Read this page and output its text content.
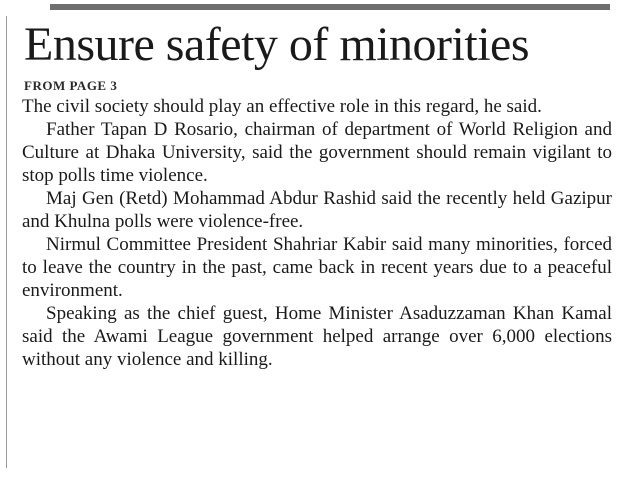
Ensure safety of minorities
FROM PAGE 3

The civil society should play an effective role in this regard, he said.

Father Tapan D Rosario, chairman of department of World Religion and Culture at Dhaka University, said the government should remain vigilant to stop polls time violence.

Maj Gen (Retd) Mohammad Abdur Rashid said the recently held Gazipur and Khulna polls were violence-free.

Nirmul Committee President Shahriar Kabir said many minorities, forced to leave the country in the past, came back in recent years due to a peaceful environment.

Speaking as the chief guest, Home Minister Asaduzzaman Khan Kamal said the Awami League government helped arrange over 6,000 elections without any violence and killing.
